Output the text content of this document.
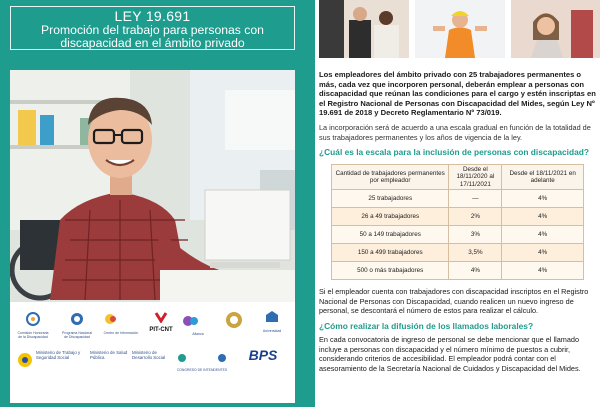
LEY 19.691
Promoción del trabajo para personas con discapacidad en el ámbito privado
Comisión Honoraria de la Discapacidad
Programa Nacional de Discapacidad
Centro de Información	PIT-CNT
Alianza
Universidad
Ministerio de Trabajo y Seguridad Social
Ministerio de Salud Pública
Ministerio de Desarrollo Social
CONGRESO DE INTENDENTES
BPS

Los empleadores del ámbito privado con 25 trabajadores permanentes o más, cada vez que incorporen personal, deberán emplear a personas con discapacidad que reúnan las condiciones para el cargo y estén inscriptas en el Registro Nacional de Personas con Discapacidad del Mides, según Ley Nº 19.691 de 2018 y Decreto Reglamentario Nº 73/019.

La incorporación será de acuerdo a una escala gradual en función de la totalidad de sus trabajadores permanentes y los años de vigencia de la ley.

¿Cuál es la escala para la inclusión de personas con discapacidad?

Cantidad de trabajadores permanentes por empleador	Desde el 18/11/2020 al 17/11/2021	Desde el 18/11/2021 en adelante
25 trabajadores	—	4%
26 a 49 trabajadores	2%	4%
50 a 149 trabajadores	3%	4%
150 a 499 trabajadores	3,5%	4%
500 o más trabajadores	4%	4%

Si el empleador cuenta con trabajadores con discapacidad inscriptos en el Registro Nacional de Personas con Discapacidad, cuando realicen un nuevo ingreso de personal, se descontará el número de estos para realizar el cálculo.

¿Cómo realizar la difusión de los llamados laborales?

En cada convocatoria de ingreso de personal se debe mencionar que el llamado incluye a personas con discapacidad y el número mínimo de puestos a cubrir, considerando criterios de accesibilidad. El empleador podrá contar con el asesoramiento de la Secretaría Nacional de Cuidados y Discapacidad del Mides.
